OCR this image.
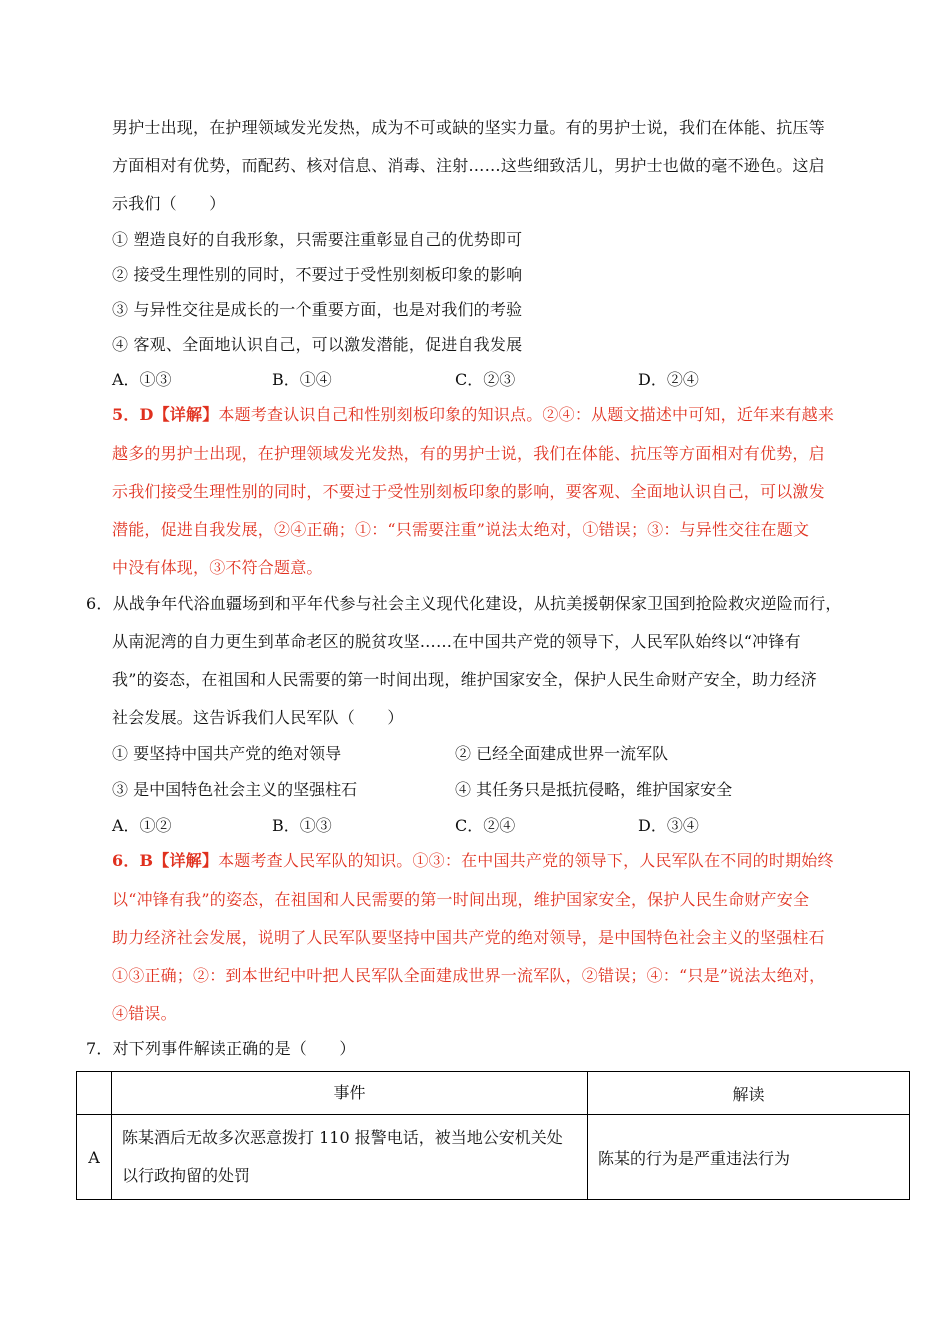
男护士出现，在护理领域发光发热，成为不可或缺的坚实力量。有的男护士说，我们在体能、抗压等
方面相对有优势，而配药、核对信息、消毒、注射……这些细致活儿，男护士也做的毫不逊色。这启
示我们（　　）
① 塑造良好的自我形象，只需要注重彰显自己的优势即可
② 接受生理性别的同时，不要过于受性别刻板印象的影响
③ 与异性交往是成长的一个重要方面，也是对我们的考验
④ 客观、全面地认识自己，可以激发潜能，促进自我发展
A．①③	B．①④	C．②③	D．②④
5．D【详解】本题考查认识自己和性别刻板印象的知识点。②④：从题文描述中可知，近年来有越来
越多的男护士出现，在护理领域发光发热，有的男护士说，我们在体能、抗压等方面相对有优势，启
示我们接受生理性别的同时，不要过于受性别刻板印象的影响，要客观、全面地认识自己，可以激发
潜能，促进自我发展，②④正确；①：“只需要注重”说法太绝对，①错误；③：与异性交往在题文
中没有体现，③不符合题意。
6．从战争年代浴血疆场到和平年代参与社会主义现代化建设，从抗美援朝保家卫国到抢险救灾逆险而行，
从南泥湾的自力更生到革命老区的脱贫攻坚……在中国共产党的领导下，人民军队始终以“冲锋有
我”的姿态，在祖国和人民需要的第一时间出现，维护国家安全，保护人民生命财产安全，助力经济
社会发展。这告诉我们人民军队（　　）
① 要坚持中国共产党的绝对领导	② 已经全面建成世界一流军队
③ 是中国特色社会主义的坚强柱石	④ 其任务只是抵抗侵略，维护国家安全
A．①②	B．①③	C．②④	D．③④
6．B【详解】本题考查人民军队的知识。①③：在中国共产党的领导下，人民军队在不同的时期始终
以“冲锋有我”的姿态，在祖国和人民需要的第一时间出现，维护国家安全，保护人民生命财产安全
助力经济社会发展，说明了人民军队要坚持中国共产党的绝对领导，是中国特色社会主义的坚强柱石
①③正确；②：到本世纪中叶把人民军队全面建成世界一流军队，②错误；④：“只是”说法太绝对，
④错误。
7．对下列事件解读正确的是（　　）
	事件	解读
A	陈某酒后无故多次恶意拨打 110 报警电话，被当地公安机关处
以行政拘留的处罚	陈某的行为是严重违法行为
